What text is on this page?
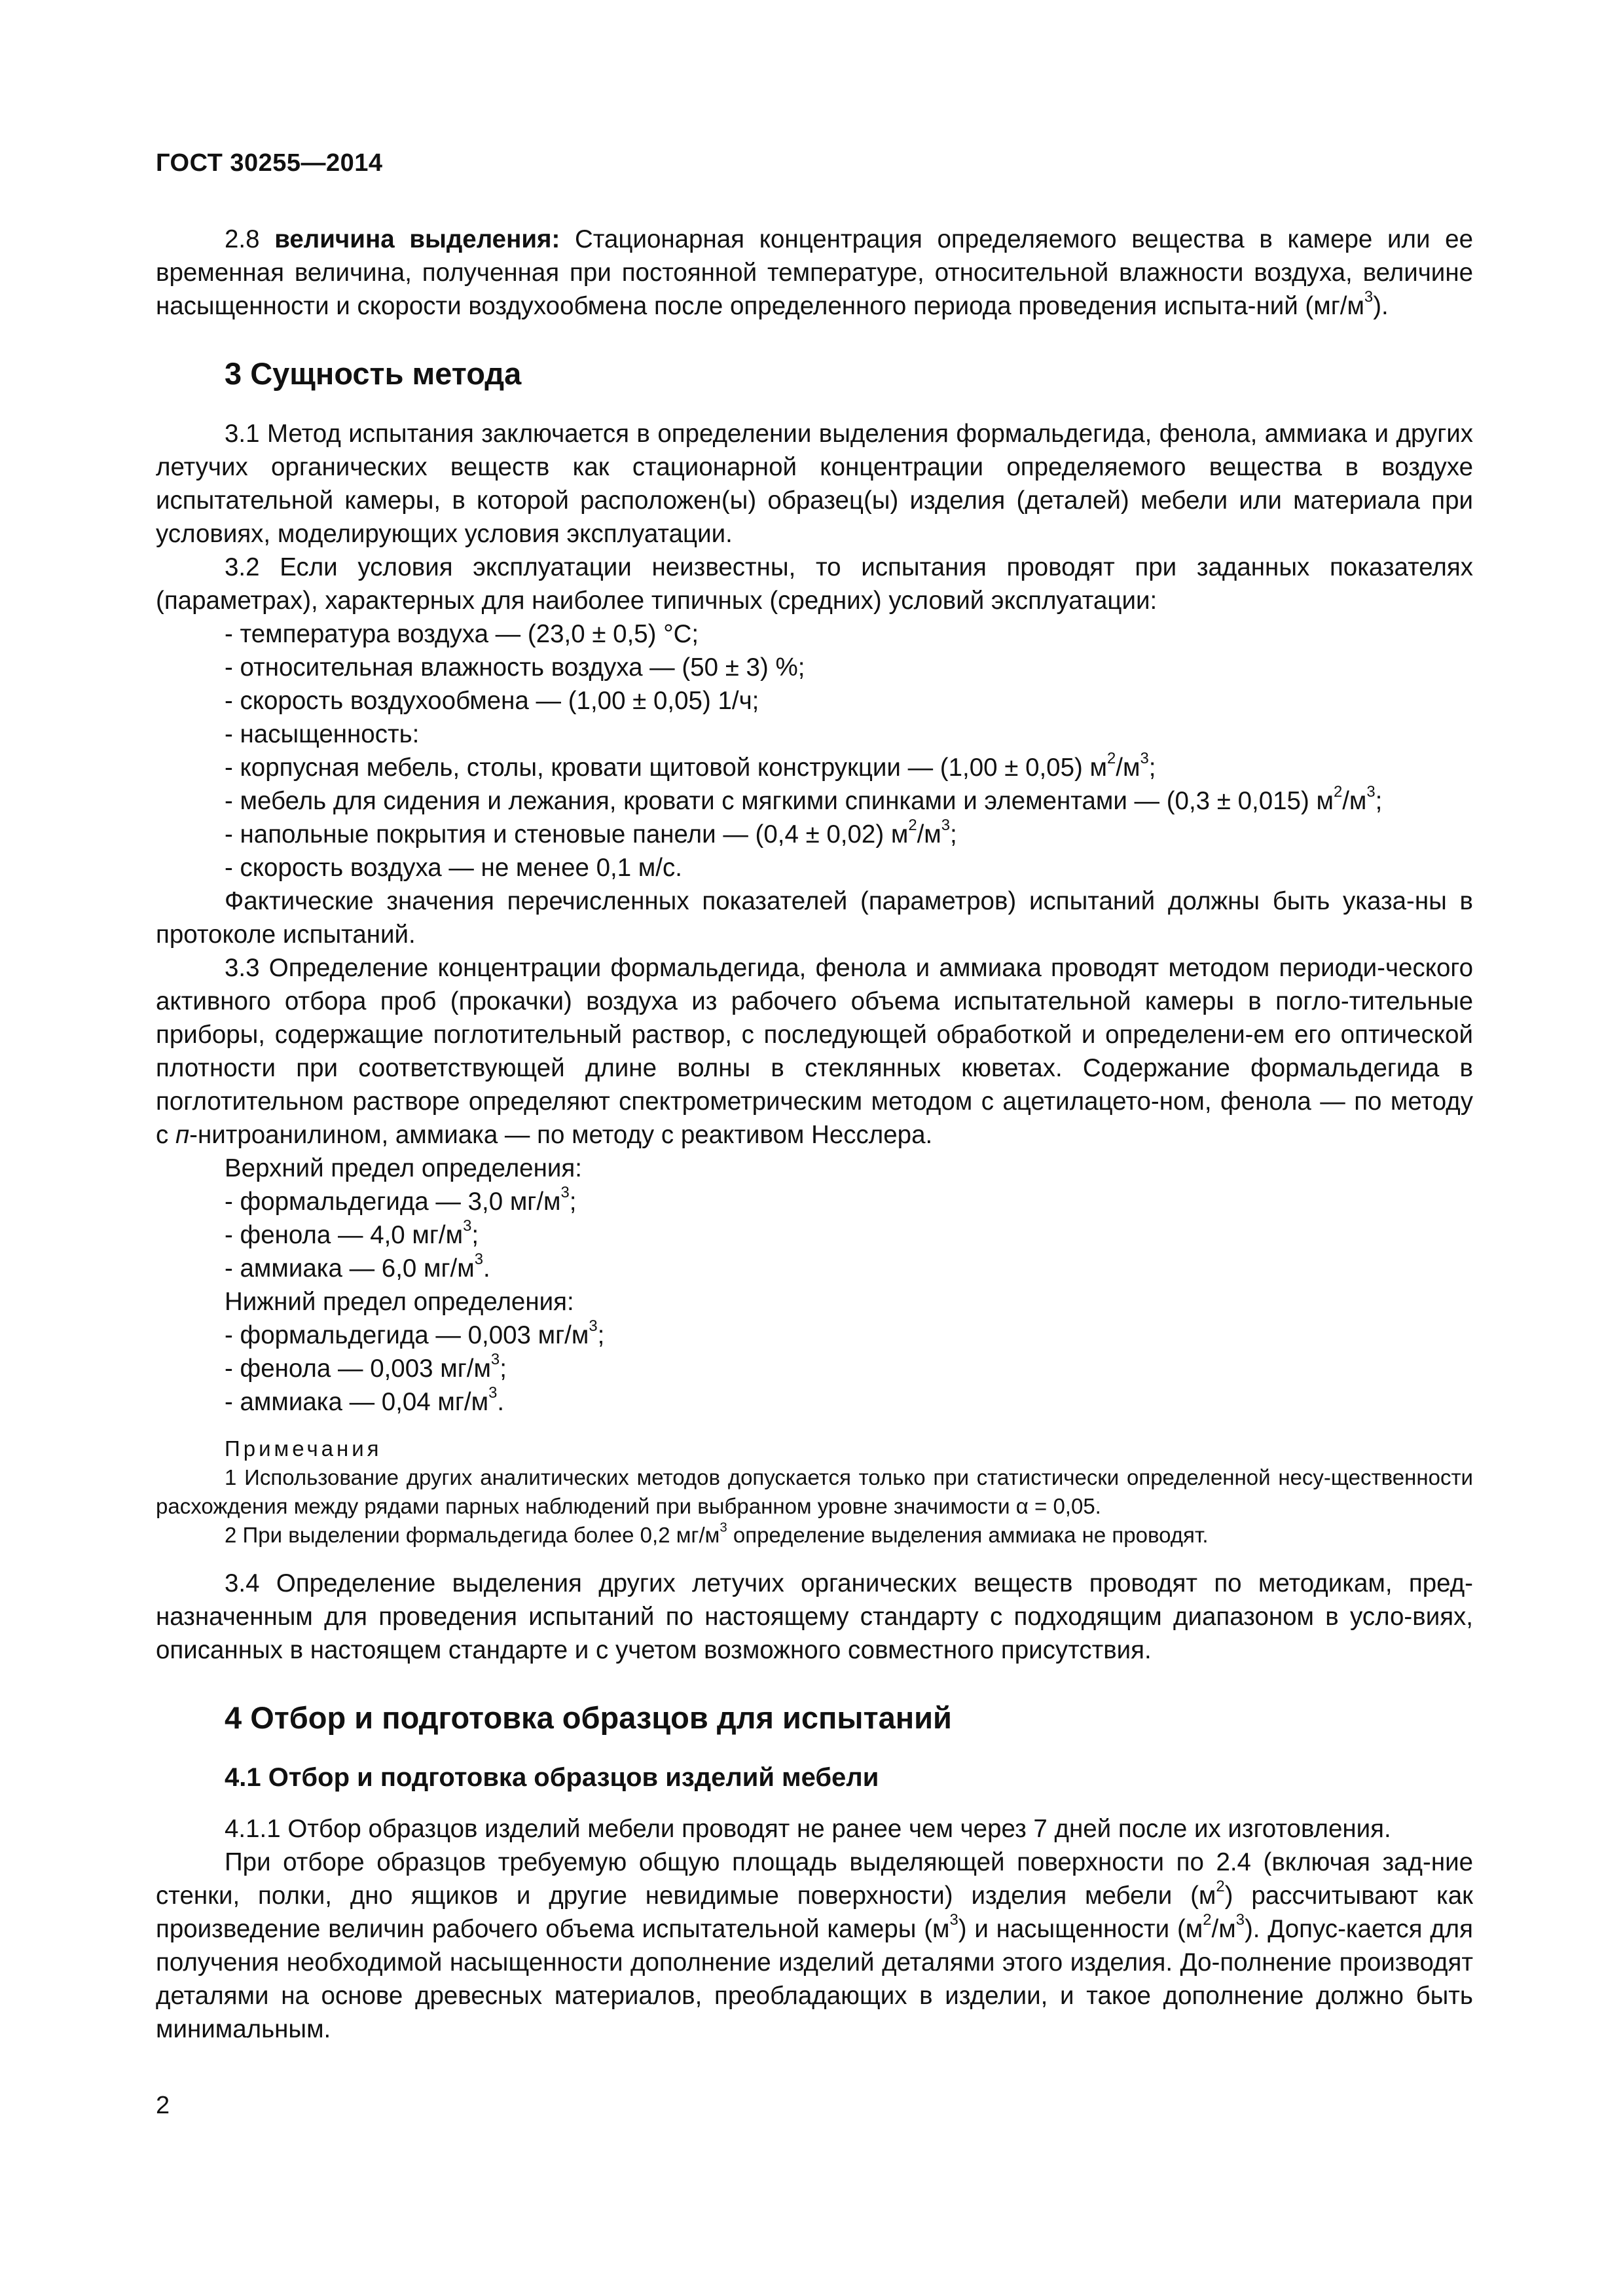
ГОСТ 30255—2014

2.8 величина выделения: Стационарная концентрация определяемого вещества в камере или ее временная величина, полученная при постоянной температуре, относительной влажности воздуха, величине насыщенности и скорости воздухообмена после определенного периода проведения испыта-ний $(мг/м^3)$.

3 Сущность метода

3.1 Метод испытания заключается в определении выделения формальдегида, фенола, аммиака и других летучих органических веществ как стационарной концентрации определяемого вещества в воздухе испытательной камеры, в которой расположен(ы) образец(ы) изделия (деталей) мебели или материала при условиях, моделирующих условия эксплуатации.

3.2 Если условия эксплуатации неизвестны, то испытания проводят при заданных показателях (параметрах), характерных для наиболее типичных (средних) условий эксплуатации:

- температура воздуха — (23,0 ± 0,5) °С;

- относительная влажность воздуха — (50 ± 3) %;

- скорость воздухообмена — (1,00 ± 0,05) 1/ч;

- насыщенность:

- корпусная мебель, столы, кровати щитовой конструкции — (1,00 ± 0,05) $м^2/м^3$;

- мебель для сидения и лежания, кровати с мягкими спинками и элементами — (0,3 ± 0,015) $м^2/м^3$;

- напольные покрытия и стеновые панели — (0,4 ± 0,02) $м^2/м^3$;

- скорость воздуха — не менее 0,1 м/с.

Фактические значения перечисленных показателей (параметров) испытаний должны быть указа-ны в протоколе испытаний.

3.3 Определение концентрации формальдегида, фенола и аммиака проводят методом периоди-ческого активного отбора проб (прокачки) воздуха из рабочего объема испытательной камеры в погло-тительные приборы, содержащие поглотительный раствор, с последующей обработкой и определени-ем его оптической плотности при соответствующей длине волны в стеклянных кюветах. Содержание формальдегида в поглотительном растворе определяют спектрометрическим методом с ацетилацето-ном, фенола — по методу с п-нитроанилином, аммиака — по методу с реактивом Несслера.

Верхний предел определения:

- формальдегида — 3,0 $мг/м^3$;

- фенола — 4,0 $мг/м^3$;

- аммиака — 6,0 $мг/м^3$.

Нижний предел определения:

- формальдегида — 0,003 $мг/м^3$;

- фенола — 0,003 $мг/м^3$;

- аммиака — 0,04 $мг/м^3$.

Примечания

1 Использование других аналитических методов допускается только при статистически определенной несу-щественности расхождения между рядами парных наблюдений при выбранном уровне значимости α = 0,05.

2 При выделении формальдегида более 0,2 $мг/м^3$ определение выделения аммиака не проводят.

3.4 Определение выделения других летучих органических веществ проводят по методикам, пред-назначенным для проведения испытаний по настоящему стандарту с подходящим диапазоном в усло-виях, описанных в настоящем стандарте и с учетом возможного совместного присутствия.

4 Отбор и подготовка образцов для испытаний
4.1 Отбор и подготовка образцов изделий мебели

4.1.1 Отбор образцов изделий мебели проводят не ранее чем через 7 дней после их изготовления.

При отборе образцов требуемую общую площадь выделяющей поверхности по 2.4 (включая зад-ние стенки, полки, дно ящиков и другие невидимые поверхности) изделия мебели $(м^2)$ рассчитывают как произведение величин рабочего объема испытательной камеры $(м^3)$ и насыщенности $(м^2/м^3)$. Допус-кается для получения необходимой насыщенности дополнение изделий деталями этого изделия. До-полнение производят деталями на основе древесных материалов, преобладающих в изделии, и такое дополнение должно быть минимальным.

2
